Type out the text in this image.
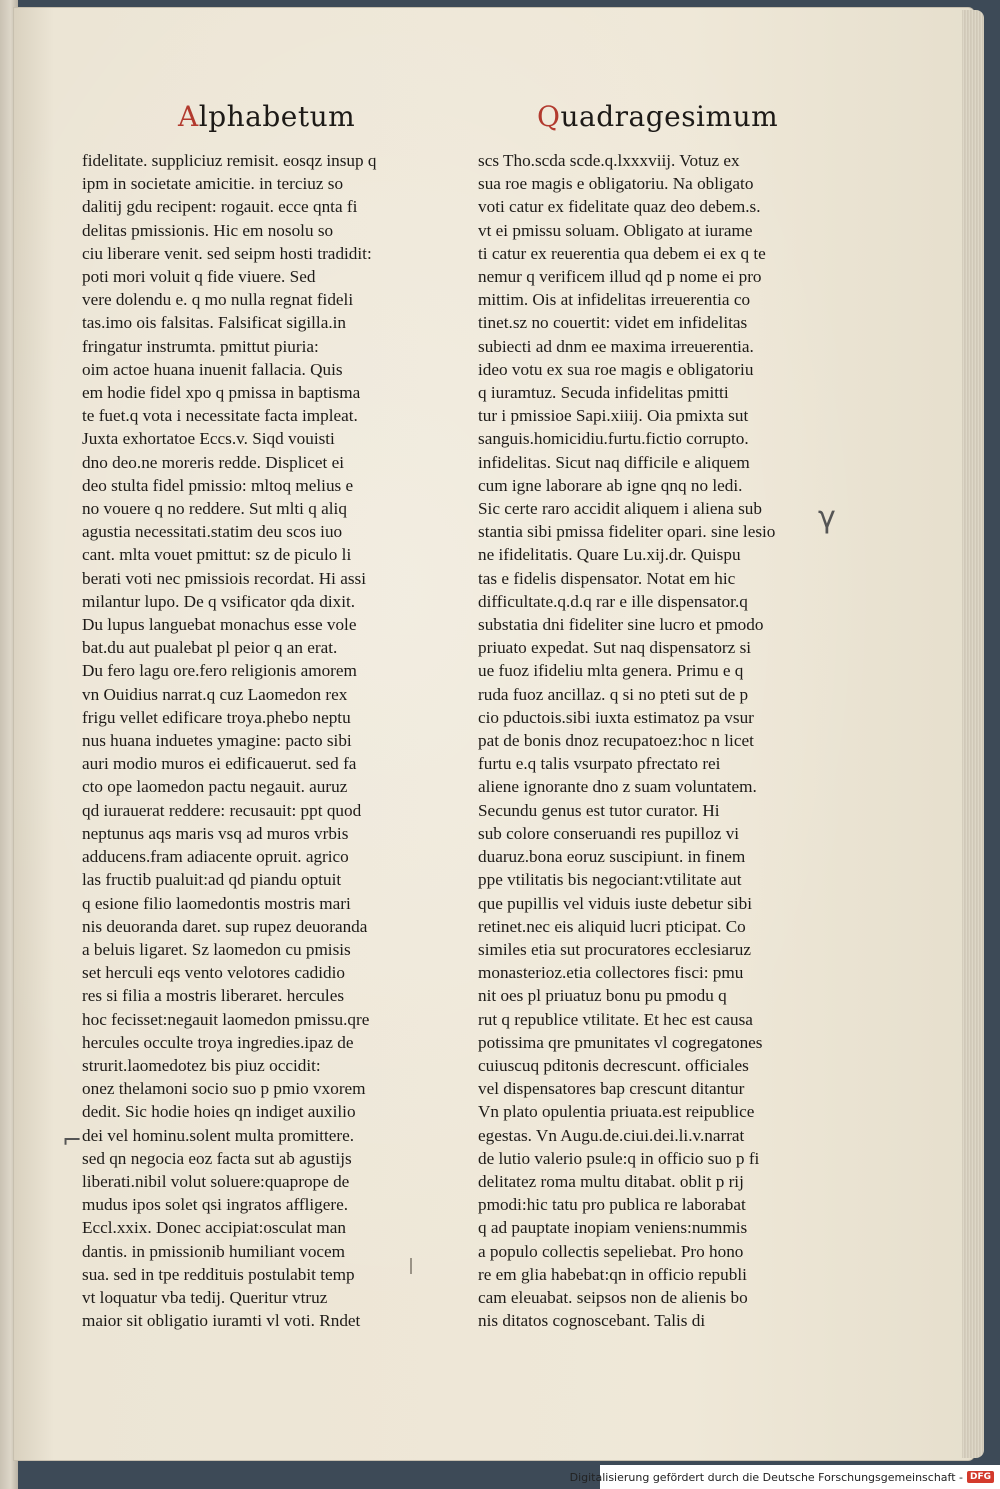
Alphabetum	Quadragesimum
fidelitate. suppliciuz remisit. eosqz insup q
ipm in societate amicitie. in terciuz so
dalitij gdu recipent: rogauit. ecce qnta fi
delitas pmissionis. Hic em nosolu so
ciu liberare venit. sed seipm hosti tradidit:
poti mori voluit q fide viuere. Sed
vere dolendu e. q mo nulla regnat fideli
tas.imo ois falsitas. Falsificat sigilla.in
fringatur instrumta. pmittut piuria:
oim actoe huana inuenit fallacia. Quis
em hodie fidel xpo q pmissa in baptisma
te fuet.q vota i necessitate facta impleat.
Juxta exhortatoe Eccs.v. Siqd vouisti
dno deo.ne moreris redde. Displicet ei
deo stulta fidel pmissio: mltoq melius e
no vouere q no reddere. Sut mlti q aliq
agustia necessitati.statim deu scos iuo
cant. mlta vouet pmittut: sz de piculo li
berati voti nec pmissiois recordat. Hi assi
milantur lupo. De q vsificator qda dixit.
Du lupus languebat monachus esse vole
bat.du aut pualebat pl peior q an erat.
Du fero lagu ore.fero religionis amorem
vn Ouidius narrat.q cuz Laomedon rex
frigu vellet edificare troya.phebo neptu
nus huana induetes ymagine: pacto sibi
auri modio muros ei edificauerut. sed fa
cto ope laomedon pactu negauit. auruz
qd iurauerat reddere: recusauit: ppt quod
neptunus aqs maris vsq ad muros vrbis
adducens.fram adiacente opruit. agrico
las fructib pualuit:ad qd piandu optuit
q esione filio laomedontis mostris mari
nis deuoranda daret. sup rupez deuoranda
a beluis ligaret. Sz laomedon cu pmisis
set herculi eqs vento velotores cadidio
res si filia a mostris liberaret. hercules
hoc fecisset:negauit laomedon pmissu.qre
hercules occulte troya ingredies.ipaz de
strurit.laomedotez bis piuz occidit:
onez thelamoni socio suo p pmio vxorem
dedit. Sic hodie hoies qn indiget auxilio
dei vel hominu.solent multa promittere.
sed qn negocia eoz facta sut ab agustijs
liberati.nibil volut soluere:quaprope de
mudus ipos solet qsi ingratos affligere.
Eccl.xxix. Donec accipiat:osculat man
dantis. in pmissionib humiliant vocem
sua. sed in tpe reddituis postulabit temp
vt loquatur vba tedij. Queritur vtruz
maior sit obligatio iuramti vl voti. Rndet
scs Tho.scda scde.q.lxxxviij. Votuz ex
sua roe magis e obligatoriu. Na obligato
voti catur ex fidelitate quaz deo debem.s.
vt ei pmissu soluam. Obligato at iurame
ti catur ex reuerentia qua debem ei ex q te
nemur q verificem illud qd p nome ei pro
mittim. Ois at infidelitas irreuerentia co
tinet.sz no couertit: videt em infidelitas
subiecti ad dnm ee maxima irreuerentia.
ideo votu ex sua roe magis e obligatoriu
q iuramtuz. Secuda infidelitas pmitti
tur i pmissioe Sapi.xiiij. Oia pmixta sut
sanguis.homicidiu.furtu.fictio corrupto.
infidelitas. Sicut naq difficile e aliquem
cum igne laborare ab igne qnq no ledi.
Sic certe raro accidit aliquem i aliena sub
stantia sibi pmissa fideliter opari. sine lesio
ne ifidelitatis. Quare Lu.xij.dr. Quispu
tas e fidelis dispensator. Notat em hic
difficultate.q.d.q rar e ille dispensator.q
substatia dni fideliter sine lucro et pmodo
priuato expedat. Sut naq dispensatorz si
ue fuoz ifideliu mlta genera. Primu e q
ruda fuoz ancillaz. q si no pteti sut de p
cio pductois.sibi iuxta estimatoz pa vsur
pat de bonis dnoz recupatoez:hoc n licet
furtu e.q talis vsurpato pfrectato rei
aliene ignorante dno z suam voluntatem.
Secundu genus est tutor curator. Hi
sub colore conseruandi res pupilloz vi
duaruz.bona eoruz suscipiunt. in finem
ppe vtilitatis bis negociant:vtilitate aut
que pupillis vel viduis iuste debetur sibi
retinet.nec eis aliquid lucri pticipat. Co
similes etia sut procuratores ecclesiaruz
monasterioz.etia collectores fisci: pmu
nit oes pl priuatuz bonu pu pmodu q
rut q republice vtilitate. Et hec est causa
potissima qre pmunitates vl cogregatones
cuiuscuq pditonis decrescunt. officiales
vel dispensatores bap crescunt ditantur
Vn plato opulentia priuata.est reipublice
egestas. Vn Augu.de.ciui.dei.li.v.narrat
de lutio valerio psule:q in officio suo p fi
delitatez roma multu ditabat. oblit p rij
pmodi:hic tatu pro publica re laborabat
q ad pauptate inopiam veniens:nummis
a populo collectis sepeliebat. Pro hono
re em glia habebat:qn in officio republi
cam eleuabat. seipsos non de alienis bo
nis ditatos cognoscebant. Talis di
γ
⌐
Digitalisierung gefördert durch die Deutsche Forschungsgemeinschaft - DFG
